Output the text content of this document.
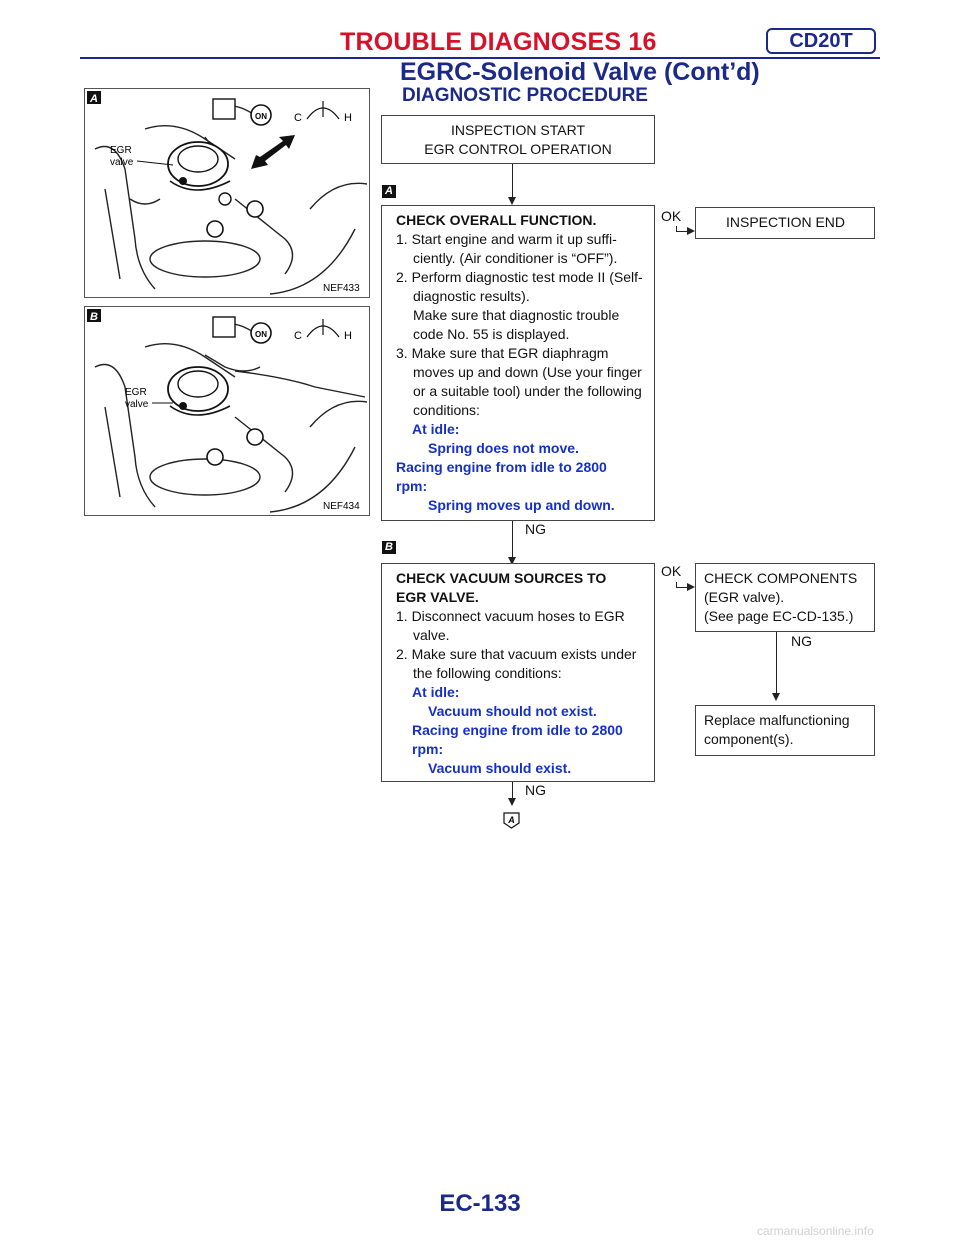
TROUBLE DIAGNOSES 16	CD20T
EGRC-Solenoid Valve (Cont’d)
DIAGNOSTIC PROCEDURE
A
ON C	H
EGR
valve
NEF433
B
ON C	H
EGR
valve
NEF434
INSPECTION START
EGR CONTROL OPERATION
A
CHECK OVERALL FUNCTION.
1. Start engine and warm it up suffi-ciently. (Air conditioner is “OFF”).
2. Perform diagnostic test mode II (Self-diagnostic results).
Make sure that diagnostic trouble code No. 55 is displayed.
3. Make sure that EGR diaphragm moves up and down (Use your finger or a suitable tool) under the following conditions:
At idle:
Spring does not move.
Racing engine from idle to 2800 rpm:
Spring moves up and down.
OK	INSPECTION END
NG
B
CHECK VACUUM SOURCES TO EGR VALVE.
1. Disconnect vacuum hoses to EGR valve.
2. Make sure that vacuum exists under the following conditions:
At idle:
Vacuum should not exist.
Racing engine from idle to 2800 rpm:
Vacuum should exist.
OK CHECK COMPONENTS
(EGR valve).
(See page EC-CD-135.)
NG
Replace malfunctioning
component(s).
NG
A
EC-133
carmanualsonline.info
